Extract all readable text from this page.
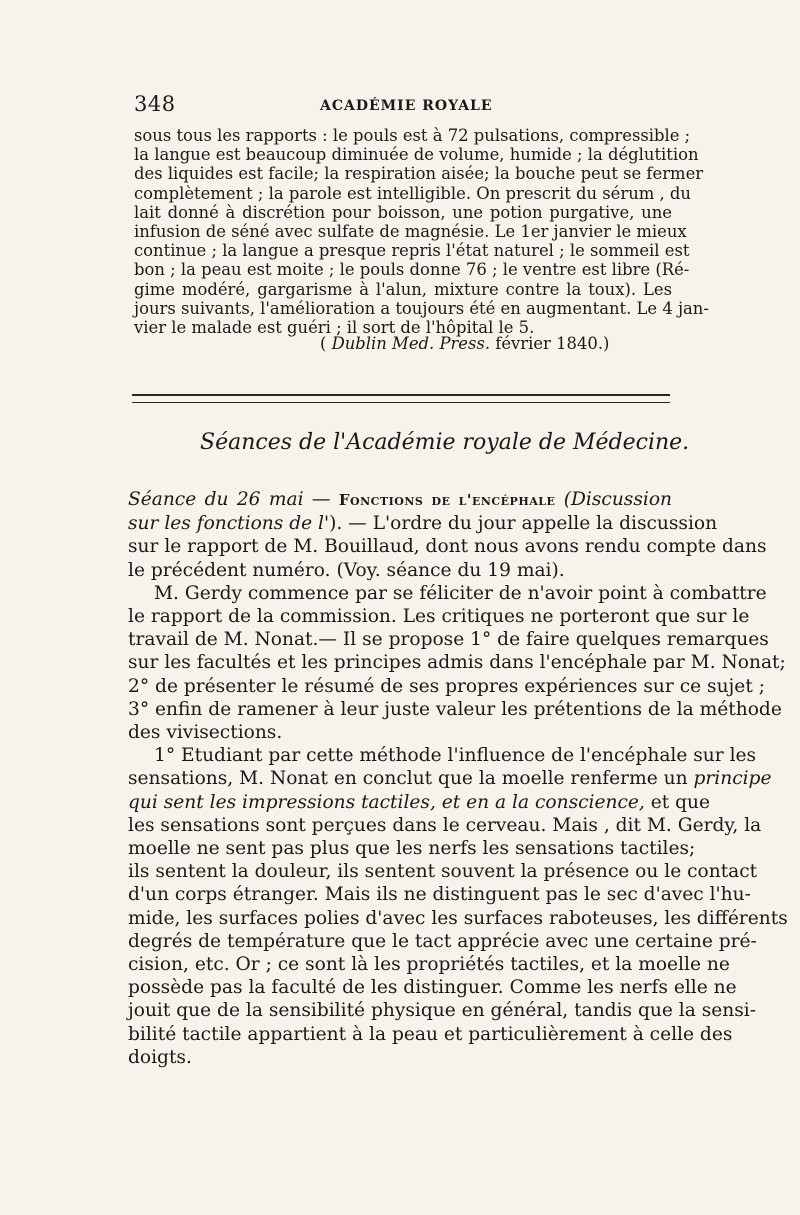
348	ACADÉMIE ROYALE
sous tous les rapports : le pouls est à 72 pulsations, compressible ;
la langue est beaucoup diminuée de volume, humide ; la déglutition
des liquides est facile; la respiration aisée; la bouche peut se fermer
complètement ; la parole est intelligible. On prescrit du sérum , du
lait donné à discrétion pour boisson, une potion purgative, une
infusion de séné avec sulfate de magnésie. Le 1er janvier le mieux
continue ; la langue a presque repris l'état naturel ; le sommeil est
bon ; la peau est moite ; le pouls donne 76 ; le ventre est libre (Ré-
gime modéré, gargarisme à l'alun, mixture contre la toux). Les
jours suivants, l'amélioration a toujours été en augmentant. Le 4 jan-
vier le malade est guéri ; il sort de l'hôpital le 5.
( Dublin Med. Press. février 1840.)
Séances de l'Académie royale de Médecine.
Séance du 26 mai — Fonctions de l'encéphale (Discussion
sur les fonctions de l'). — L'ordre du jour appelle la discussion
sur le rapport de M. Bouillaud, dont nous avons rendu compte dans
le précédent numéro. (Voy. séance du 19 mai).
M. Gerdy commence par se féliciter de n'avoir point à combattre
le rapport de la commission. Les critiques ne porteront que sur le
travail de M. Nonat.— Il se propose 1° de faire quelques remarques
sur les facultés et les principes admis dans l'encéphale par M. Nonat;
2° de présenter le résumé de ses propres expériences sur ce sujet ;
3° enfin de ramener à leur juste valeur les prétentions de la méthode
des vivisections.
1° Etudiant par cette méthode l'influence de l'encéphale sur les
sensations, M. Nonat en conclut que la moelle renferme un principe
qui sent les impressions tactiles, et en a la conscience, et que
les sensations sont perçues dans le cerveau. Mais , dit M. Gerdy, la
moelle ne sent pas plus que les nerfs les sensations tactiles;
ils sentent la douleur, ils sentent souvent la présence ou le contact
d'un corps étranger. Mais ils ne distinguent pas le sec d'avec l'hu-
mide, les surfaces polies d'avec les surfaces raboteuses, les différents
degrés de température que le tact apprécie avec une certaine pré-
cision, etc. Or ; ce sont là les propriétés tactiles, et la moelle ne
possède pas la faculté de les distinguer. Comme les nerfs elle ne
jouit que de la sensibilité physique en général, tandis que la sensi-
bilité tactile appartient à la peau et particulièrement à celle des
doigts.
